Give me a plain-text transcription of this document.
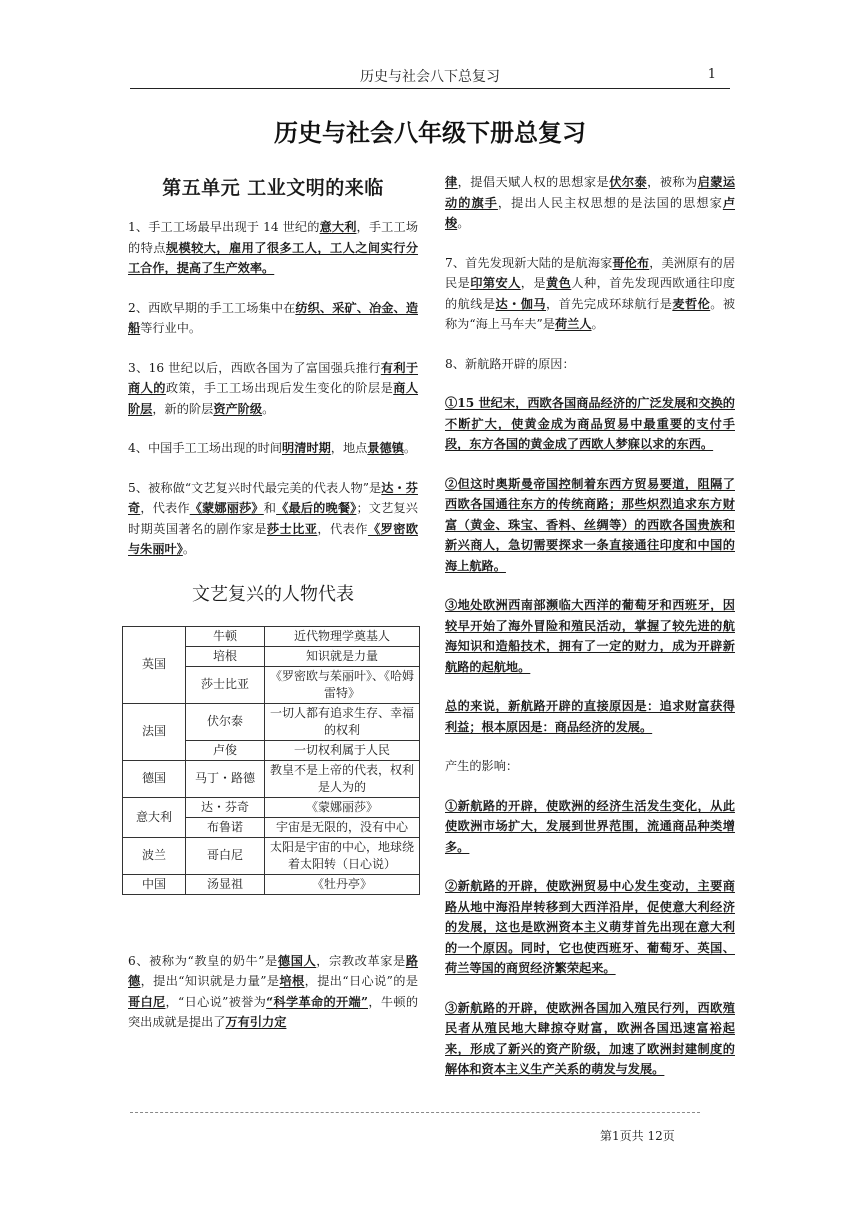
历史与社会八下总复习	1
历史与社会八年级下册总复习
第五单元 工业文明的来临

1、手工工场最早出现于 14 世纪的意大利，手工工场的特点规模较大，雇用了很多工人，工人之间实行分工合作，提高了生产效率。

2、西欧早期的手工工场集中在纺织、采矿、冶金、造船等行业中。

3、16 世纪以后，西欧各国为了富国强兵推行有利于商人的政策，手工工场出现后发生变化的阶层是商人阶层，新的阶层资产阶级。

4、中国手工工场出现的时间明清时期，地点景德镇。

5、被称做“文艺复兴时代最完美的代表人物”是达・芬奇，代表作《蒙娜丽莎》和《最后的晚餐》；文艺复兴时期英国著名的剧作家是莎士比亚，代表作《罗密欧与朱丽叶》。

文艺复兴的人物代表
英国	牛顿	近代物理学奠基人
	培根	知识就是力量
	莎士比亚	《罗密欧与茱丽叶》、《哈姆雷特》
法国	伏尔泰	一切人都有追求生存、幸福的权利
	卢俊	一切权利属于人民
德国	马丁・路德	教皇不是上帝的代表，权利是人为的
意大利	达・芬奇	《蒙娜丽莎》
	布鲁诺	宇宙是无限的，没有中心
波兰	哥白尼	太阳是宇宙的中心，地球绕着太阳转（日心说）
中国	汤显祖	《牡丹亭》

6、被称为“教皇的奶牛”是德国人，宗教改革家是路德，提出“知识就是力量”是培根，提出“日心说”的是哥白尼，“日心说”被誉为“科学革命的开端”，牛顿的突出成就是提出了万有引力定

律，提倡天赋人权的思想家是伏尔泰，被称为启蒙运动的旗手，提出人民主权思想的是法国的思想家卢梭。

7、首先发现新大陆的是航海家哥伦布，美洲原有的居民是印第安人，是黄色人种，首先发现西欧通往印度的航线是达・伽马，首先完成环球航行是麦哲伦。被称为“海上马车夫”是荷兰人。

8、新航路开辟的原因：

①15 世纪末，西欧各国商品经济的广泛发展和交换的不断扩大，使黄金成为商品贸易中最重要的支付手段，东方各国的黄金成了西欧人梦寐以求的东西。

②但这时奥斯曼帝国控制着东西方贸易要道，阻隔了西欧各国通往东方的传统商路；那些炽烈追求东方财富（黄金、珠宝、香料、丝绸等）的西欧各国贵族和新兴商人，急切需要探求一条直接通往印度和中国的海上航路。

③地处欧洲西南部濒临大西洋的葡萄牙和西班牙，因较早开始了海外冒险和殖民活动，掌握了较先进的航海知识和造船技术，拥有了一定的财力，成为开辟新航路的起航地。

总的来说，新航路开辟的直接原因是：追求财富获得利益；根本原因是：商品经济的发展。

产生的影响：

①新航路的开辟，使欧洲的经济生活发生变化，从此使欧洲市场扩大，发展到世界范围，流通商品种类增多。

②新航路的开辟，使欧洲贸易中心发生变动，主要商路从地中海沿岸转移到大西洋沿岸，促使意大利经济的发展，这也是欧洲资本主义萌芽首先出现在意大利的一个原因。同时，它也使西班牙、葡萄牙、英国、荷兰等国的商贸经济繁荣起来。

③新航路的开辟，使欧洲各国加入殖民行列，西欧殖民者从殖民地大肆掠夺财富，欧洲各国迅速富裕起来，形成了新兴的资产阶级，加速了欧洲封建制度的解体和资本主义生产关系的萌发与发展。

第1页共 12页
